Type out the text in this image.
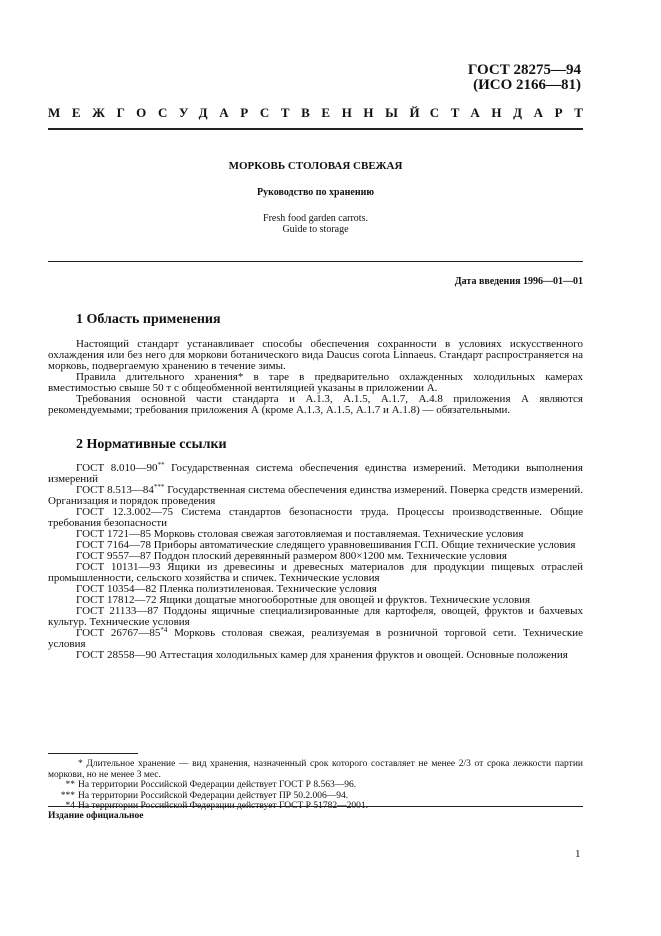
ГОСТ 28275—94
(ИСО 2166—81)
МЕЖГОСУДАРСТВЕННЫЙ
СТАНДАРТ
МОРКОВЬ СТОЛОВАЯ СВЕЖАЯ
Руководство по хранению
Fresh food garden carrots.
Guide to storage
Дата введения 1996—01—01
1 Область применения

Настоящий стандарт устанавливает способы обеспечения сохранности в условиях искусственного охлаждения или без него для моркови ботанического вида Daucus corota Linnaeus. Стандарт распространяется на морковь, подвергаемую хранению в течение зимы.

Правила длительного хранения* в таре в предварительно охлажденных холодильных камерах вместимостью свыше 50 т с общеобменной вентиляцией указаны в приложении А.

Требования основной части стандарта и А.1.3, А.1.5, А.1.7, А.4.8 приложения А являются рекомендуемыми; требования приложения А (кроме А.1.3, А.1.5, А.1.7 и А.1.8) — обязательными.

2 Нормативные ссылки

ГОСТ 8.010—90** Государственная система обеспечения единства измерений. Методики выполнения измерений

ГОСТ 8.513—84*** Государственная система обеспечения единства измерений. Поверка средств измерений. Организация и порядок проведения

ГОСТ 12.3.002—75 Система стандартов безопасности труда. Процессы производственные. Общие требования безопасности

ГОСТ 1721—85 Морковь столовая свежая заготовляемая и поставляемая. Технические условия

ГОСТ 7164—78 Приборы автоматические следящего уравновешивания ГСП. Общие технические условия

ГОСТ 9557—87 Поддон плоский деревянный размером 800×1200 мм. Технические условия

ГОСТ 10131—93 Ящики из древесины и древесных материалов для продукции пищевых отраслей промышленности, сельского хозяйства и спичек. Технические условия

ГОСТ 10354—82 Пленка полиэтиленовая. Технические условия

ГОСТ 17812—72 Ящики дощатые многооборотные для овощей и фруктов. Технические условия

ГОСТ 21133—87 Поддоны ящичные специализированные для картофеля, овощей, фруктов и бахчевых культур. Технические условия

ГОСТ 26767—85$^{*4}$ Морковь столовая свежая, реализуемая в розничной торговой сети. Технические условия

ГОСТ 28558—90 Аттестация холодильных камер для хранения фруктов и овощей. Основные положения

* Длительное хранение — вид хранения, назначенный срок которого составляет не менее 2/3 от срока лежкости партии моркови, но не менее 3 мес.

** На территории Российской Федерации действует ГОСТ Р 8.563—96.

*** На территории Российской Федерации действует ПР 50.2.006—94.

Издание официальное
1
